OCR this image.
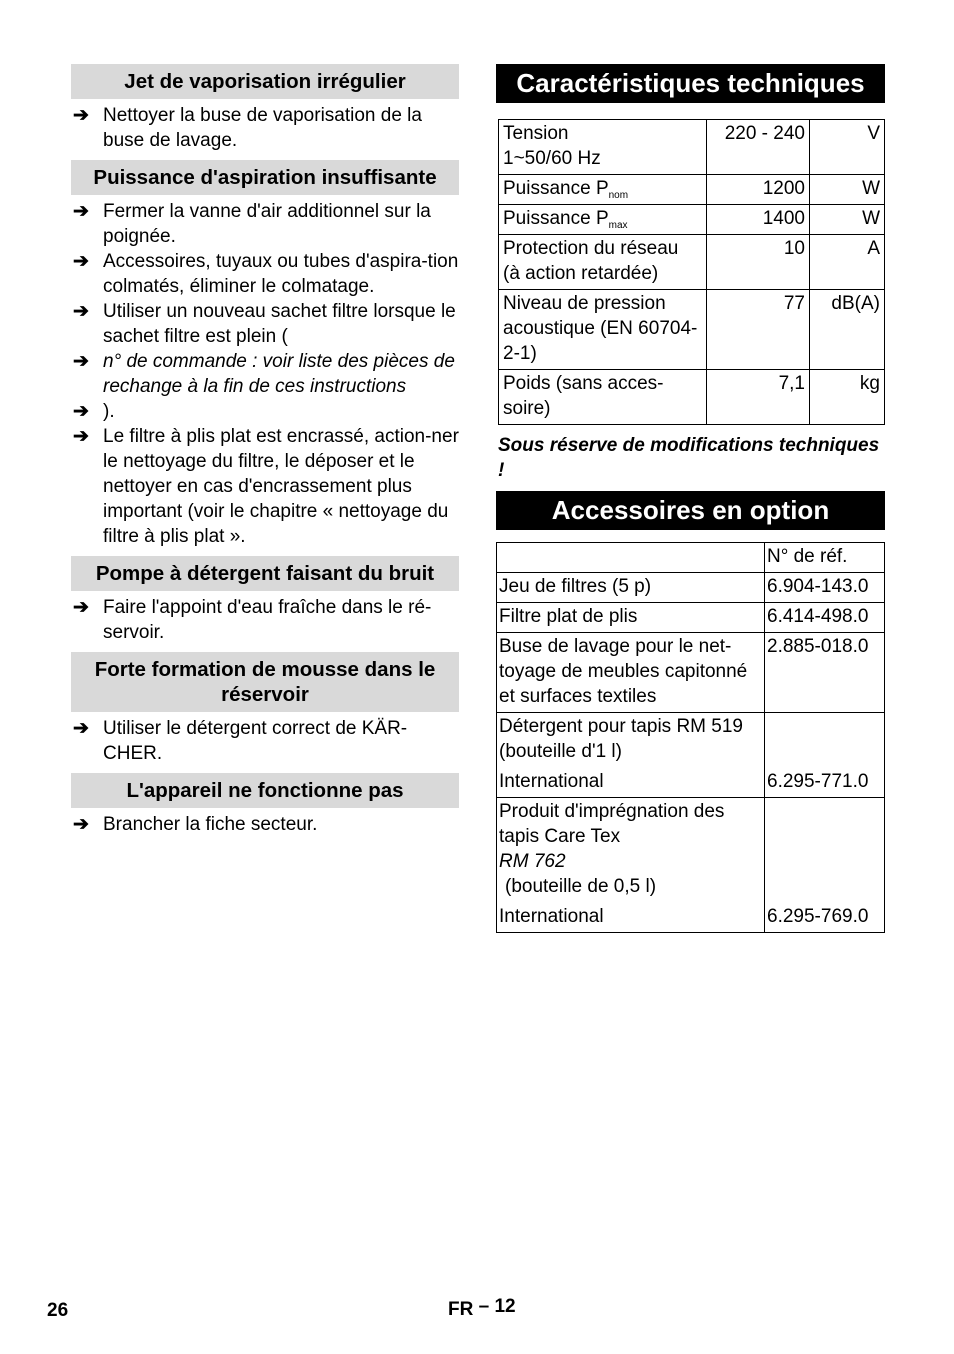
Jet de vaporisation irrégulier
➔ Nettoyer la buse de vaporisation de la buse de lavage.
Puissance d'aspiration insuffisante
➔ Fermer la vanne d'air additionnel sur la poignée.
➔ Accessoires, tuyaux ou tubes d'aspira-tion colmatés, éliminer le colmatage.
➔ Utiliser un nouveau sachet filtre lorsque le sachet filtre est plein (
➔ n° de commande : voir liste des pièces de rechange à la fin de ces instructions
➔ ).
➔ Le filtre à plis plat est encrassé, action-ner le nettoyage du filtre, le déposer et le nettoyer en cas d'encrassement plus important (voir le chapitre « nettoyage du filtre à plis plat ».
Pompe à détergent faisant du bruit
➔ Faire l'appoint d'eau fraîche dans le ré-servoir.
Forte formation de mousse dans le réservoir
➔ Utiliser le détergent correct de KÄR-CHER.
L'appareil ne fonctionne pas
➔ Brancher la fiche secteur.
Caractéristiques techniques
Tension
1~50/60 Hz	220 - 240	V
Puissance $P_{nom}$	1200	W
Puissance $P_{max}$	1400	W
Protection du réseau
(à action retardée)	10	A
Niveau de pression acoustique (EN 60704-2-1)	77	dB(A)
Poids (sans acces-soire)	7,1	kg
Sous réserve de modifications techniques !
Accessoires en option
	N° de réf.
Jeu de filtres (5 p)	6.904-143.0
Filtre plat de plis	6.414-498.0
Buse de lavage pour le net-toyage de meubles capitonné et surfaces textiles	2.885-018.0

Détergent pour tapis RM 519 (bouteille d'1 l)
International	6.295-771.0

Produit d'imprégnation des tapis Care Tex
RM 762
(bouteille de 0,5 l)
International	6.295-769.0
26	FR – 12
